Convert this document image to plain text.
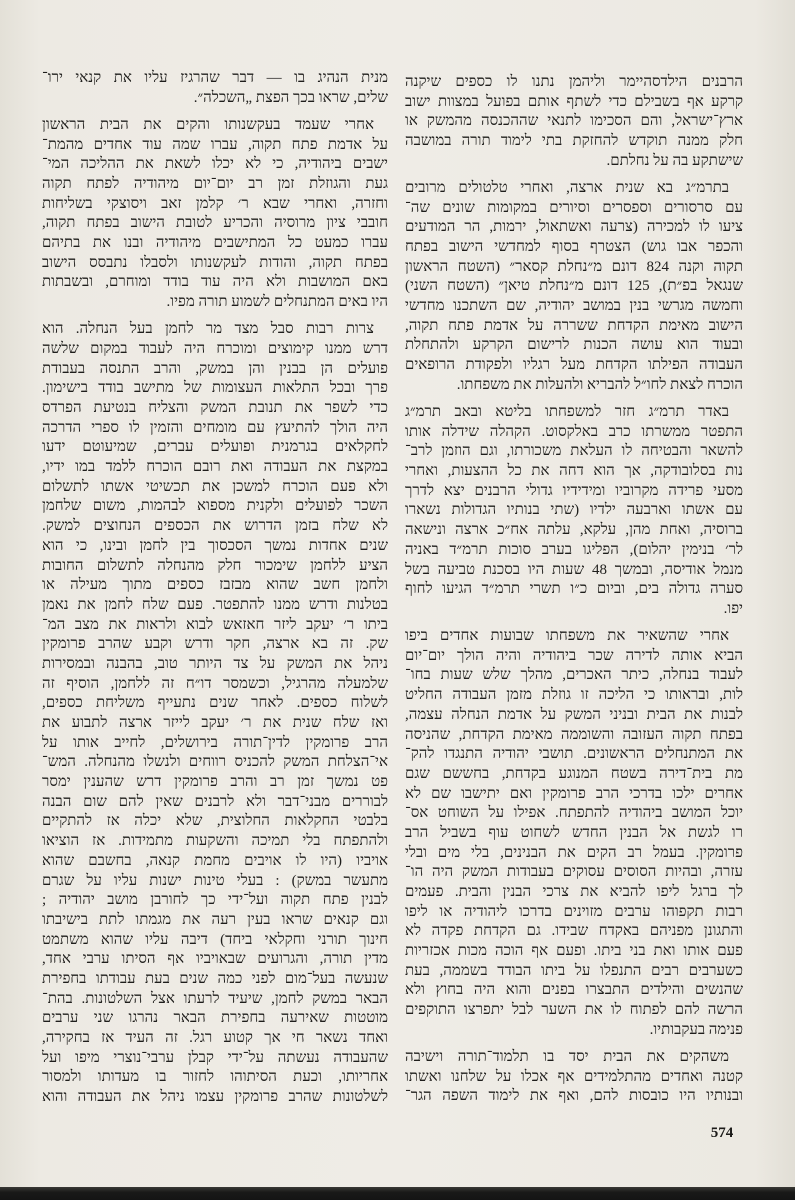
הרבנים הילדסהיימר וליהמן נתנו לו כספים שיקנה
קרקע אף בשבילם כדי לשתף אותם בפועל במצוות ישוב
ארץ־ישראל, והם הסכימו לתנאי שההכנסה מהמשק או
חלק ממנה תוקדש להחזקת בתי לימוד תורה במושבה
שישתקע בה על נחלתם.
בתרמ״ג בא שנית ארצה, ואחרי טלטולים מרובים
עם סרסורים וספסרים וסיורים במקומות שונים שה־
ציעו לו למכירה (צרעה ואשתאול, ירמות, הר המודעים
והכפר אבו גוש) הצטרף בסוף למחדשי הישוב בפתח
תקוה וקנה 824 דונם מ״נחלת קסאר״ (השטח הראשון
שנגאל בפ״ת), 125 דונם מ״נחלת טיאן״ (השטח השני)
וחמשה מגרשי בנין במושב יהודיה, שם השתכנו מחדשי
הישוב מאימת הקדחת ששררה על אדמת פתח תקוה,
ובעוד הוא עושה הכנות לרישום הקרקע ולהתחלת
העבודה הפילתו הקדחת מעל רגליו ולפקודת הרופאים
הוכרח לצאת לחו״ל להבריא ולהעלות את משפחתו.
באדר תרמ״ג חזר למשפחתו בליטא ובאב תרמ״ג
התפטר ממשרתו כרב באלקסוט. הקהלה שידלה אותו
להשאר והבטיחה לו העלאת משכורתו, וגם הוזמן לרב־
נות בסלובודקה, אך הוא דחה את כל ההצעות, ואחרי
מסעי פרידה מקרוביו ומידידיו גדולי הרבנים יצא לדרך
עם אשתו וארבעה ילדיו (שתי בנותיו הגדולות נשארו
ברוסיה, ואחת מהן, עלקא, עלתה אח״כ ארצה ונישאה
לר׳ בנימין יהלום), הפליגו בערב סוכות תרמ״ד באניה
מנמל אודיסה, ובמשך 48 שעות היו בסכנת טביעה בשל
סערה גדולה בים, וביום כ״ו תשרי תרמ״ד הגיעו לחוף
יפו.
אחרי שהשאיר את משפחתו שבועות אחדים ביפו
הביא אותה לדירה שכר ביהודיה והיה הולך יום־יום
לעבוד בנחלה, כיתר האכרים, מהלך שלש שעות בחו־
לות, ובראותו כי הליכה זו גוזלת מזמן העבודה החליט
לבנות את הבית ובניני המשק על אדמת הנחלה עצמה,
בפתח תקוה העזובה והשוממה מאימת הקדחת, שהניסה
את המתנחלים הראשונים. תושבי יהודיה התנגדו להק־
מת בית־דירה בשטח המנוגע בקדחת, בחששם שגם
אחרים ילכו בדרכי הרב פרומקין ואם יתישבו שם לא
יוכל המושב ביהודיה להתפתח. אפילו על השוחט אס־
רו לגשת אל הבנין החדש לשחוט עוף בשביל הרב
פרומקין. בעמל רב הקים את הבנינים, בלי מים ובלי
עזרה, ובהיות הסוסים עסוקים בעבודות המשק היה הו־
לך ברגל ליפו להביא את צרכי הבנין והבית. פעמים
רבות תקפוהו ערבים מזוינים בדרכו ליהודיה או ליפו
והתגונן מפניהם באקדח שבידו. גם הקדחת פקדה לא
פעם אותו ואת בני ביתו. ופעם אף הוכה מכות אכזריות
כשערבים רבים התנפלו על ביתו הבודד בשממה, בעת
שהנשים והילדים התבצרו בפנים והוא היה בחוץ ולא
הרשה להם לפתוח לו את השער לבל יתפרצו התוקפים
פנימה בעקבותיו.
משהקים את הבית יסד בו תלמוד־תורה וישיבה
קטנה ואחדים מהתלמידים אף אכלו על שלחנו ואשתו
ובנותיו היו כובסות להם, ואף את לימוד השפה הגר־
מנית הנהיג בו — דבר שהרגיז עליו את קנאי ירו־
שלים, שראו בכך הפצת „השכלה״.
אחרי שעמד בעקשנותו והקים את הבית הראשון
על אדמת פתח תקוה, עברו שמה עוד אחדים מהמת־
ישבים ביהודיה, כי לא יכלו לשאת את ההליכה המי־
געת והגוזלת זמן רב יום־יום מיהודיה לפתח תקוה
וחזרה, ואחרי שבא ר׳ קלמן זאב ויסוצקי בשליחות
חובבי ציון מרוסיה והכריע לטובת הישוב בפתח תקוה,
עברו כמעט כל המתישבים מיהודיה ובנו את בתיהם
בפתח תקוה, והודות לעקשנותו ולסבלו נתבסס הישוב
באם המושבות ולא היה עוד בודד ומוחרם, ובשבתות
היו באים המתנחלים לשמוע תורה מפיו.
צרות רבות סבל מצד מר לחמן בעל הנחלה. הוא
דרש ממנו קימוצים ומוכרח היה לעבוד במקום שלשה
פועלים הן בבנין והן במשק, והרב התנסה בעבודת
פרך ובכל התלאות העצומות של מתישב בודד בישימון.
כדי לשפר את תנובת המשק והצליח בנטיעת הפרדס
היה הולך להתיעץ עם מומחים והזמין לו ספרי הדרכה
לחקלאים בגרמנית ופועלים עברים, שמיעוטם ידעו
במקצת את העבודה ואת רובם הוכרח ללמד במו ידיו,
ולא פעם הוכרח למשכן את תכשיטי אשתו לתשלום
השכר לפועלים ולקנית מספוא לבהמות, משום שלחמן
לא שלח בזמן הדרוש את הכספים הנחוצים למשק.
שנים אחדות נמשך הסכסוך בין לחמן ובינו, כי הוא
הציע ללחמן שימכור חלק מהנחלה לתשלום החובות
ולחמן חשב שהוא מבזבז כספים מתוך מעילה או
בטלנות ודרש ממנו להתפטר. פעם שלח לחמן את נאמן
ביתו ר׳ יעקב ליזר חאזאש לבוא ולראות את מצב המ־
שק. זה בא ארצה, חקר ודרש וקבע שהרב פרומקין
ניהל את המשק על צד היותר טוב, בהבנה ובמסירות
שלמעלה מהרגיל, וכשמסר דו״ח זה ללחמן, הוסיף זה
לשלוח כספים. לאחר שנים נתעייף משליחת כספים,
ואז שלח שנית את ר׳ יעקב לייזר ארצה לתבוע את
הרב פרומקין לדין־תורה בירושלים, לחייב אותו על
אי־הצלחת המשק להכניס רווחים ולנשלו מהנחלה. המש־
פט נמשך זמן רב והרב פרומקין דרש שהענין ימסר
לבוררים מבני־דבר ולא לרבנים שאין להם שום הבנה
בלבטי החקלאות החלוצית, שלא יכלה אז להתקיים
ולהתפתח בלי תמיכה והשקעות מתמידות. אז הוציאו
אויביו (היו לו אויבים מחמת קנאה, בחשבם שהוא
מתעשר במשק) : בעלי טינות ישנות עליו על שגרם
לבנין פתח תקוה ועל־ידי כך לחורבן מושב יהודיה ;
וגם קנאים שראו בעין רעה את מגמתו לתת בישיבתו
חינוך תורני וחקלאי ביחד) דיבה עליו שהוא משתמט
מדין תורה, והגרועים שבאויביו אף הסיתו ערבי אחד,
שנעשה בעל־מום לפני כמה שנים בעת עבודתו בחפירת
הבאר במשק לחמן, שיעיד לרעתו אצל השלטונות. בהת־
מוטטות שאירעה בחפירת הבאר נהרגו שני ערבים
ואחד נשאר חי אך קטוע רגל. זה העיד אז בחקירה,
שהעבודה נעשתה על־ידי קבלן ערבי־נוצרי מיפו ועל
אחריותו, וכעת הסיתוהו לחזור בו מעדותו ולמסור
לשלטונות שהרב פרומקין עצמו ניהל את העבודה והוא
574
